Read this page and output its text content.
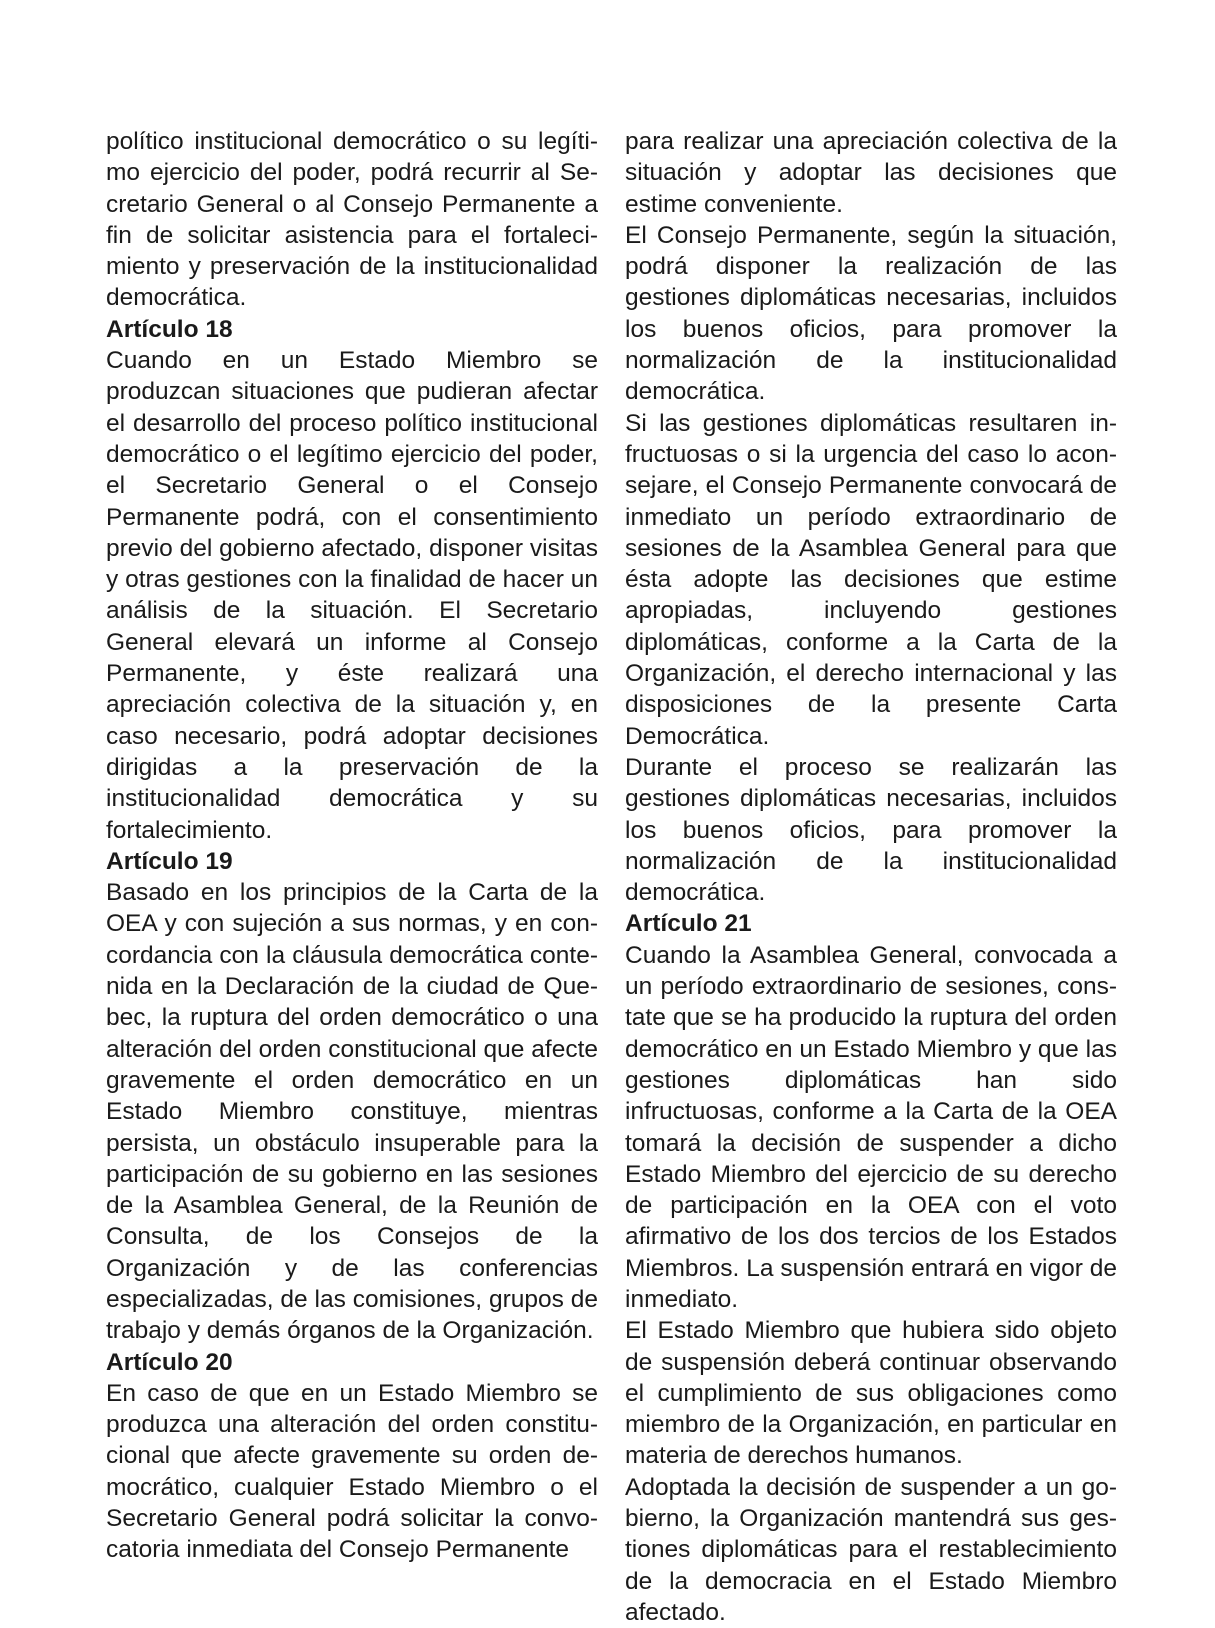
político institucional democrático o su legítimo ejercicio del poder, podrá recurrir al Secretario General o al Consejo Permanente a fin de solicitar asistencia para el fortalecimiento y preservación de la institucionalidad democrática.

Artículo 18

Cuando en un Estado Miembro se produzcan situaciones que pudieran afectar el desarrollo del proceso político institucional democrático o el legítimo ejercicio del poder, el Secretario General o el Consejo Permanente podrá, con el consentimiento previo del gobierno afectado, disponer visitas y otras gestiones con la finalidad de hacer un análisis de la situación. El Secretario General elevará un informe al Consejo Permanente, y éste realizará una apreciación colectiva de la situación y, en caso necesario, podrá adoptar decisiones dirigidas a la preservación de la institucionalidad democrática y su fortalecimiento.

Artículo 19

Basado en los principios de la Carta de la OEA y con sujeción a sus normas, y en concordancia con la cláusula democrática contenida en la Declaración de la ciudad de Quebec, la ruptura del orden democrático o una alteración del orden constitucional que afecte gravemente el orden democrático en un Estado Miembro constituye, mientras persista, un obstáculo insuperable para la participación de su gobierno en las sesiones de la Asamblea General, de la Reunión de Consulta, de los Consejos de la Organización y de las conferencias especializadas, de las comisiones, grupos de trabajo y demás órganos de la Organización.

Artículo 20

En caso de que en un Estado Miembro se produzca una alteración del orden constitucional que afecte gravemente su orden democrático, cualquier Estado Miembro o el Secretario General podrá solicitar la convocatoria inmediata del Consejo Permanente

para realizar una apreciación colectiva de la situación y adoptar las decisiones que estime conveniente.

El Consejo Permanente, según la situación, podrá disponer la realización de las gestiones diplomáticas necesarias, incluidos los buenos oficios, para promover la normalización de la institucionalidad democrática.

Si las gestiones diplomáticas resultaren infructuosas o si la urgencia del caso lo aconsejare, el Consejo Permanente convocará de inmediato un período extraordinario de sesiones de la Asamblea General para que ésta adopte las decisiones que estime apropiadas, incluyendo gestiones diplomáticas, conforme a la Carta de la Organización, el derecho internacional y las disposiciones de la presente Carta Democrática.

Durante el proceso se realizarán las gestiones diplomáticas necesarias, incluidos los buenos oficios, para promover la normalización de la institucionalidad democrática.

Artículo 21

Cuando la Asamblea General, convocada a un período extraordinario de sesiones, constate que se ha producido la ruptura del orden democrático en un Estado Miembro y que las gestiones diplomáticas han sido infructuosas, conforme a la Carta de la OEA tomará la decisión de suspender a dicho Estado Miembro del ejercicio de su derecho de participación en la OEA con el voto afirmativo de los dos tercios de los Estados Miembros. La suspensión entrará en vigor de inmediato.

El Estado Miembro que hubiera sido objeto de suspensión deberá continuar observando el cumplimiento de sus obligaciones como miembro de la Organización, en particular en materia de derechos humanos.

Adoptada la decisión de suspender a un gobierno, la Organización mantendrá sus gestiones diplomáticas para el restablecimiento de la democracia en el Estado Miembro afectado.
